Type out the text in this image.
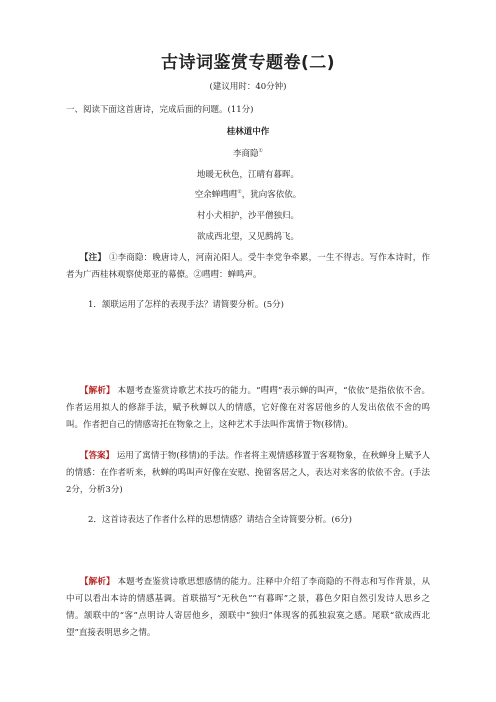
古诗词鉴赏专题卷(二)
(建议用时：40分钟)
一、阅读下面这首唐诗，完成后面的问题。(11分)
桂林道中作
李商隐①
地暖无秋色，江晴有暮晖。
空余蝉嘒嘒②，犹向客依依。
村小犬相护，沙平僧独归。
欲成西北望，又见鹧鸪飞。
【注】 ①李商隐：晚唐诗人，河南沁阳人。受牛李党争牵累，一生不得志。写作本诗时，作者为广西桂林观察使郑亚的幕僚。②嘒嘒：蝉鸣声。
1．颔联运用了怎样的表现手法？请简要分析。(5分)
【解析】 本题考查鉴赏诗歌艺术技巧的能力。“嘒嘒”表示蝉的叫声，“依依”是指依依不舍。作者运用拟人的修辞手法，赋予秋蝉以人的情感，它好像在对客居他乡的人发出依依不舍的鸣叫。作者把自己的情感寄托在物象之上，这种艺术手法叫作寓情于物(移情)。
【答案】 运用了寓情于物(移情)的手法。作者将主观情感移置于客观物象，在秋蝉身上赋予人的情感：在作者听来，秋蝉的鸣叫声好像在安慰、挽留客居之人，表达对来客的依依不舍。(手法2分，分析3分)
2．这首诗表达了作者什么样的思想情感？请结合全诗简要分析。(6分)
【解析】 本题考查鉴赏诗歌思想感情的能力。注释中介绍了李商隐的不得志和写作背景，从中可以看出本诗的情感基调。首联描写“无秋色”“有暮晖”之景，暮色夕阳自然引发诗人思乡之情。颔联中的“客”点明诗人寄居他乡，颈联中“独归”体现客的孤独寂寞之感。尾联“欲成西北望”直接表明思乡之情。
